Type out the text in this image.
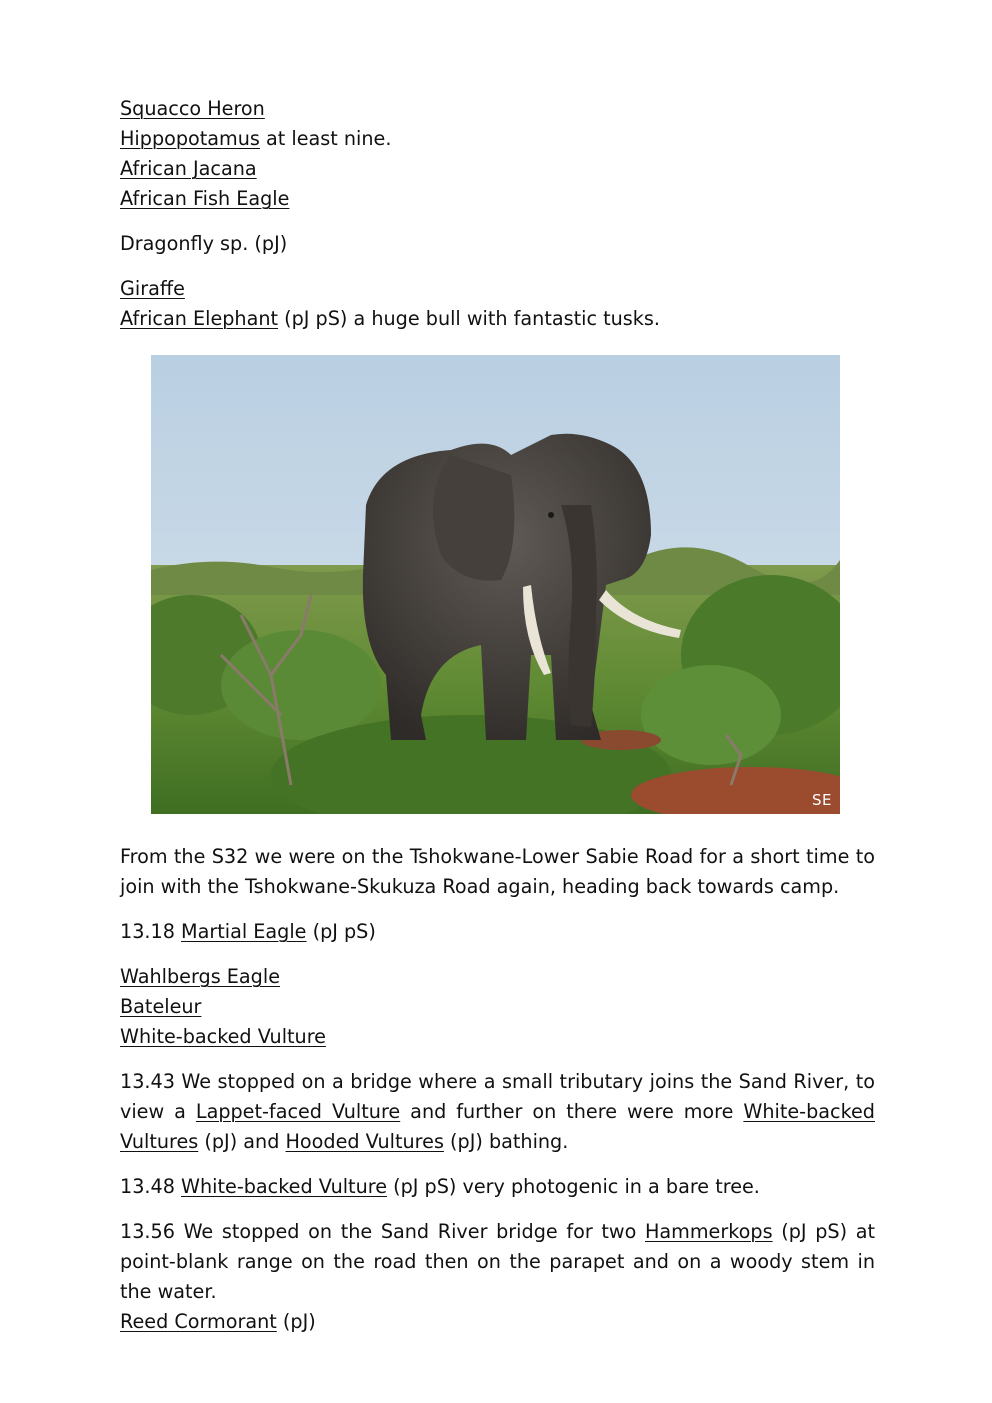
Squacco Heron
Hippopotamus at least nine.
African Jacana
African Fish Eagle
Dragonfly sp. (pJ)
Giraffe
African Elephant (pJ pS) a huge bull with fantastic tusks.
SE
From the S32 we were on the Tshokwane-Lower Sabie Road for a short time to join with the Tshokwane-Skukuza Road again, heading back towards camp.
13.18 Martial Eagle (pJ pS)
Wahlbergs Eagle
Bateleur
White-backed Vulture
13.43 We stopped on a bridge where a small tributary joins the Sand River, to view a Lappet-faced Vulture and further on there were more White-backed Vultures (pJ) and Hooded Vultures (pJ) bathing.
13.48 White-backed Vulture (pJ pS) very photogenic in a bare tree.
13.56 We stopped on the Sand River bridge for two Hammerkops (pJ pS) at point-blank range on the road then on the parapet and on a woody stem in the water.
Reed Cormorant (pJ)
